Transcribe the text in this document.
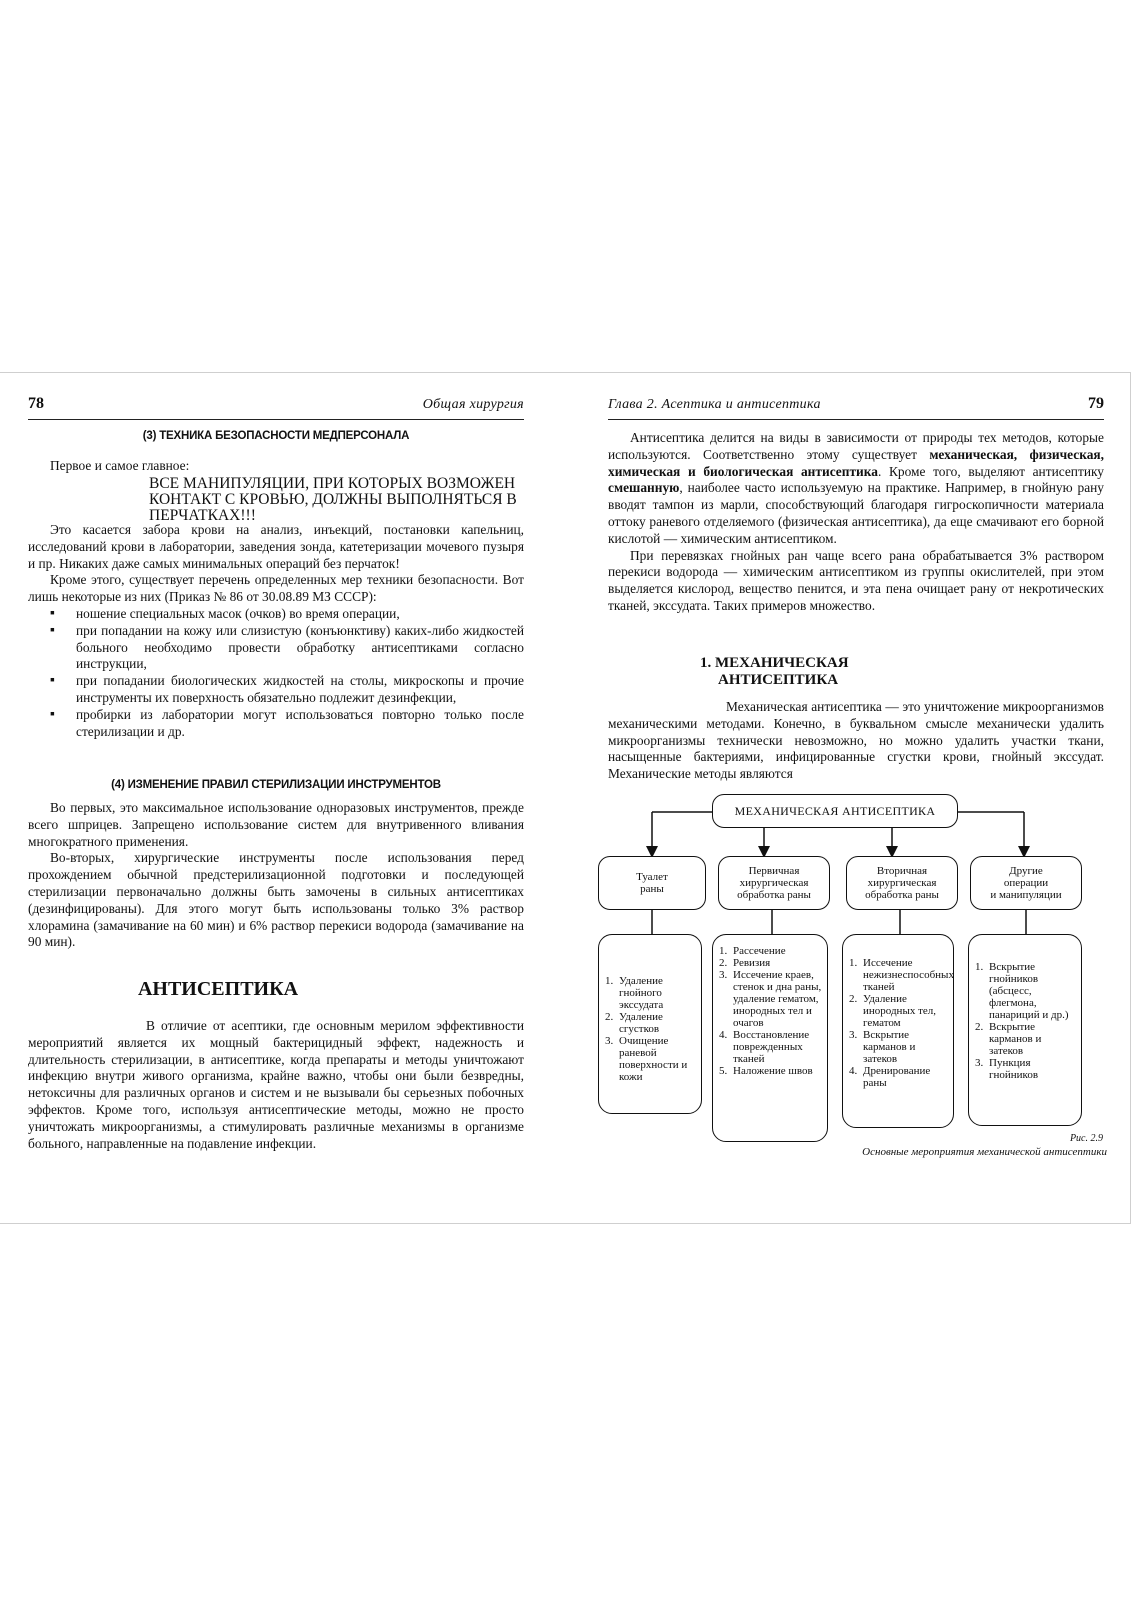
78	Общая хирургия
(3) ТЕХНИКА БЕЗОПАСНОСТИ МЕДПЕРСОНАЛА

Первое и самое главное:

ВСЕ МАНИПУЛЯЦИИ, ПРИ КОТОРЫХ ВОЗМОЖЕН КОНТАКТ С КРОВЬЮ, ДОЛЖНЫ ВЫПОЛНЯТЬСЯ В ПЕРЧАТКАХ!!!

Это касается забора крови на анализ, инъекций, постановки капельниц, исследований крови в лаборатории, заведения зонда, катетеризации мочевого пузыря и пр. Никаких даже самых минимальных операций без перчаток!

Кроме этого, существует перечень определенных мер техники безопасности. Вот лишь некоторые из них (Приказ № 86 от 30.08.89 МЗ СССР):

▪ ношение специальных масок (очков) во время операции,
▪ при попадании на кожу или слизистую (конъюнктиву) каких-либо жидкостей больного необходимо провести обработку антисептиками согласно инструкции,
▪ при попадании биологических жидкостей на столы, микроскопы и прочие инструменты их поверхность обязательно подлежит дезинфекции,
▪ пробирки из лаборатории могут использоваться повторно только после стерилизации и др.
(4) ИЗМЕНЕНИЕ ПРАВИЛ СТЕРИЛИЗАЦИИ ИНСТРУМЕНТОВ

Во первых, это максимальное использование одноразовых инструментов, прежде всего шприцев. Запрещено использование систем для внутривенного вливания многократного применения.

Во-вторых, хирургические инструменты после использования перед прохождением обычной предстерилизационной подготовки и последующей стерилизации первоначально должны быть замочены в сильных антисептиках (дезинфицированы). Для этого могут быть использованы только 3% раствор хлорамина (замачивание на 60 мин) и 6% раствор перекиси водорода (замачивание на 90 мин).

АНТИСЕПТИКА

В отличие от асептики, где основным мерилом эффективности мероприятий является их мощный бактерицидный эффект, надежность и длительность стерилизации, в антисептике, когда препараты и методы уничтожают инфекцию внутри живого организма, крайне важно, чтобы они были безвредны, нетоксичны для различных органов и систем и не вызывали бы серьезных побочных эффектов. Кроме того, используя антисептические методы, можно не просто уничтожать микроорганизмы, а стимулировать различные механизмы в организме больного, направленные на подавление инфекции.

Глава 2. Асептика и антисептика	79

Антисептика делится на виды в зависимости от природы тех методов, которые используются. Соответственно этому существует механическая, физическая, химическая и биологическая антисептика. Кроме того, выделяют антисептику смешанную, наиболее часто используемую на практике. Например, в гнойную рану вводят тампон из марли, способствующий благодаря гигроскопичности материала оттоку раневого отделяемого (физическая антисептика), да еще смачивают его борной кислотой — химическим антисептиком.

При перевязках гнойных ран чаще всего рана обрабатывается 3% раствором перекиси водорода — химическим антисептиком из группы окислителей, при этом выделяется кислород, вещество пенится, и эта пена очищает рану от некротических тканей, экссудата. Таких примеров множество.

1. МЕХАНИЧЕСКАЯ
АНТИСЕПТИКА

Механическая антисептика — это уничтожение микроорганизмов механическими методами. Конечно, в буквальном смысле механически удалить микроорганизмы технически невозможно, но можно удалить участки ткани, насыщенные бактериями, инфицированные сгустки крови, гнойный экссудат. Механические методы являются

МЕХАНИЧЕСКАЯ АНТИСЕПТИКА
Туалет
раны
Первичная
хирургическая
обработка раны
Вторичная
хирургическая
обработка раны
Другие
операции
и манипуляции
1. Удаление гнойного экссудата
2. Удаление сгустков
3. Очищение раневой поверхности и кожи
1. Рассечение
2. Ревизия
3. Иссечение краев, стенок и дна раны, удаление гематом, инородных тел и очагов
4. Восстановление поврежденных тканей
5. Наложение швов
1. Иссечение нежизнеспособных тканей
2. Удаление инородных тел, гематом
3. Вскрытие карманов и затеков
4. Дренирование раны
1. Вскрытие гнойников (абсцесс, флегмона, панариций и др.)
2. Вскрытие карманов и затеков
3. Пункция гнойников
Рис. 2.9
Основные мероприятия механической антисептики
